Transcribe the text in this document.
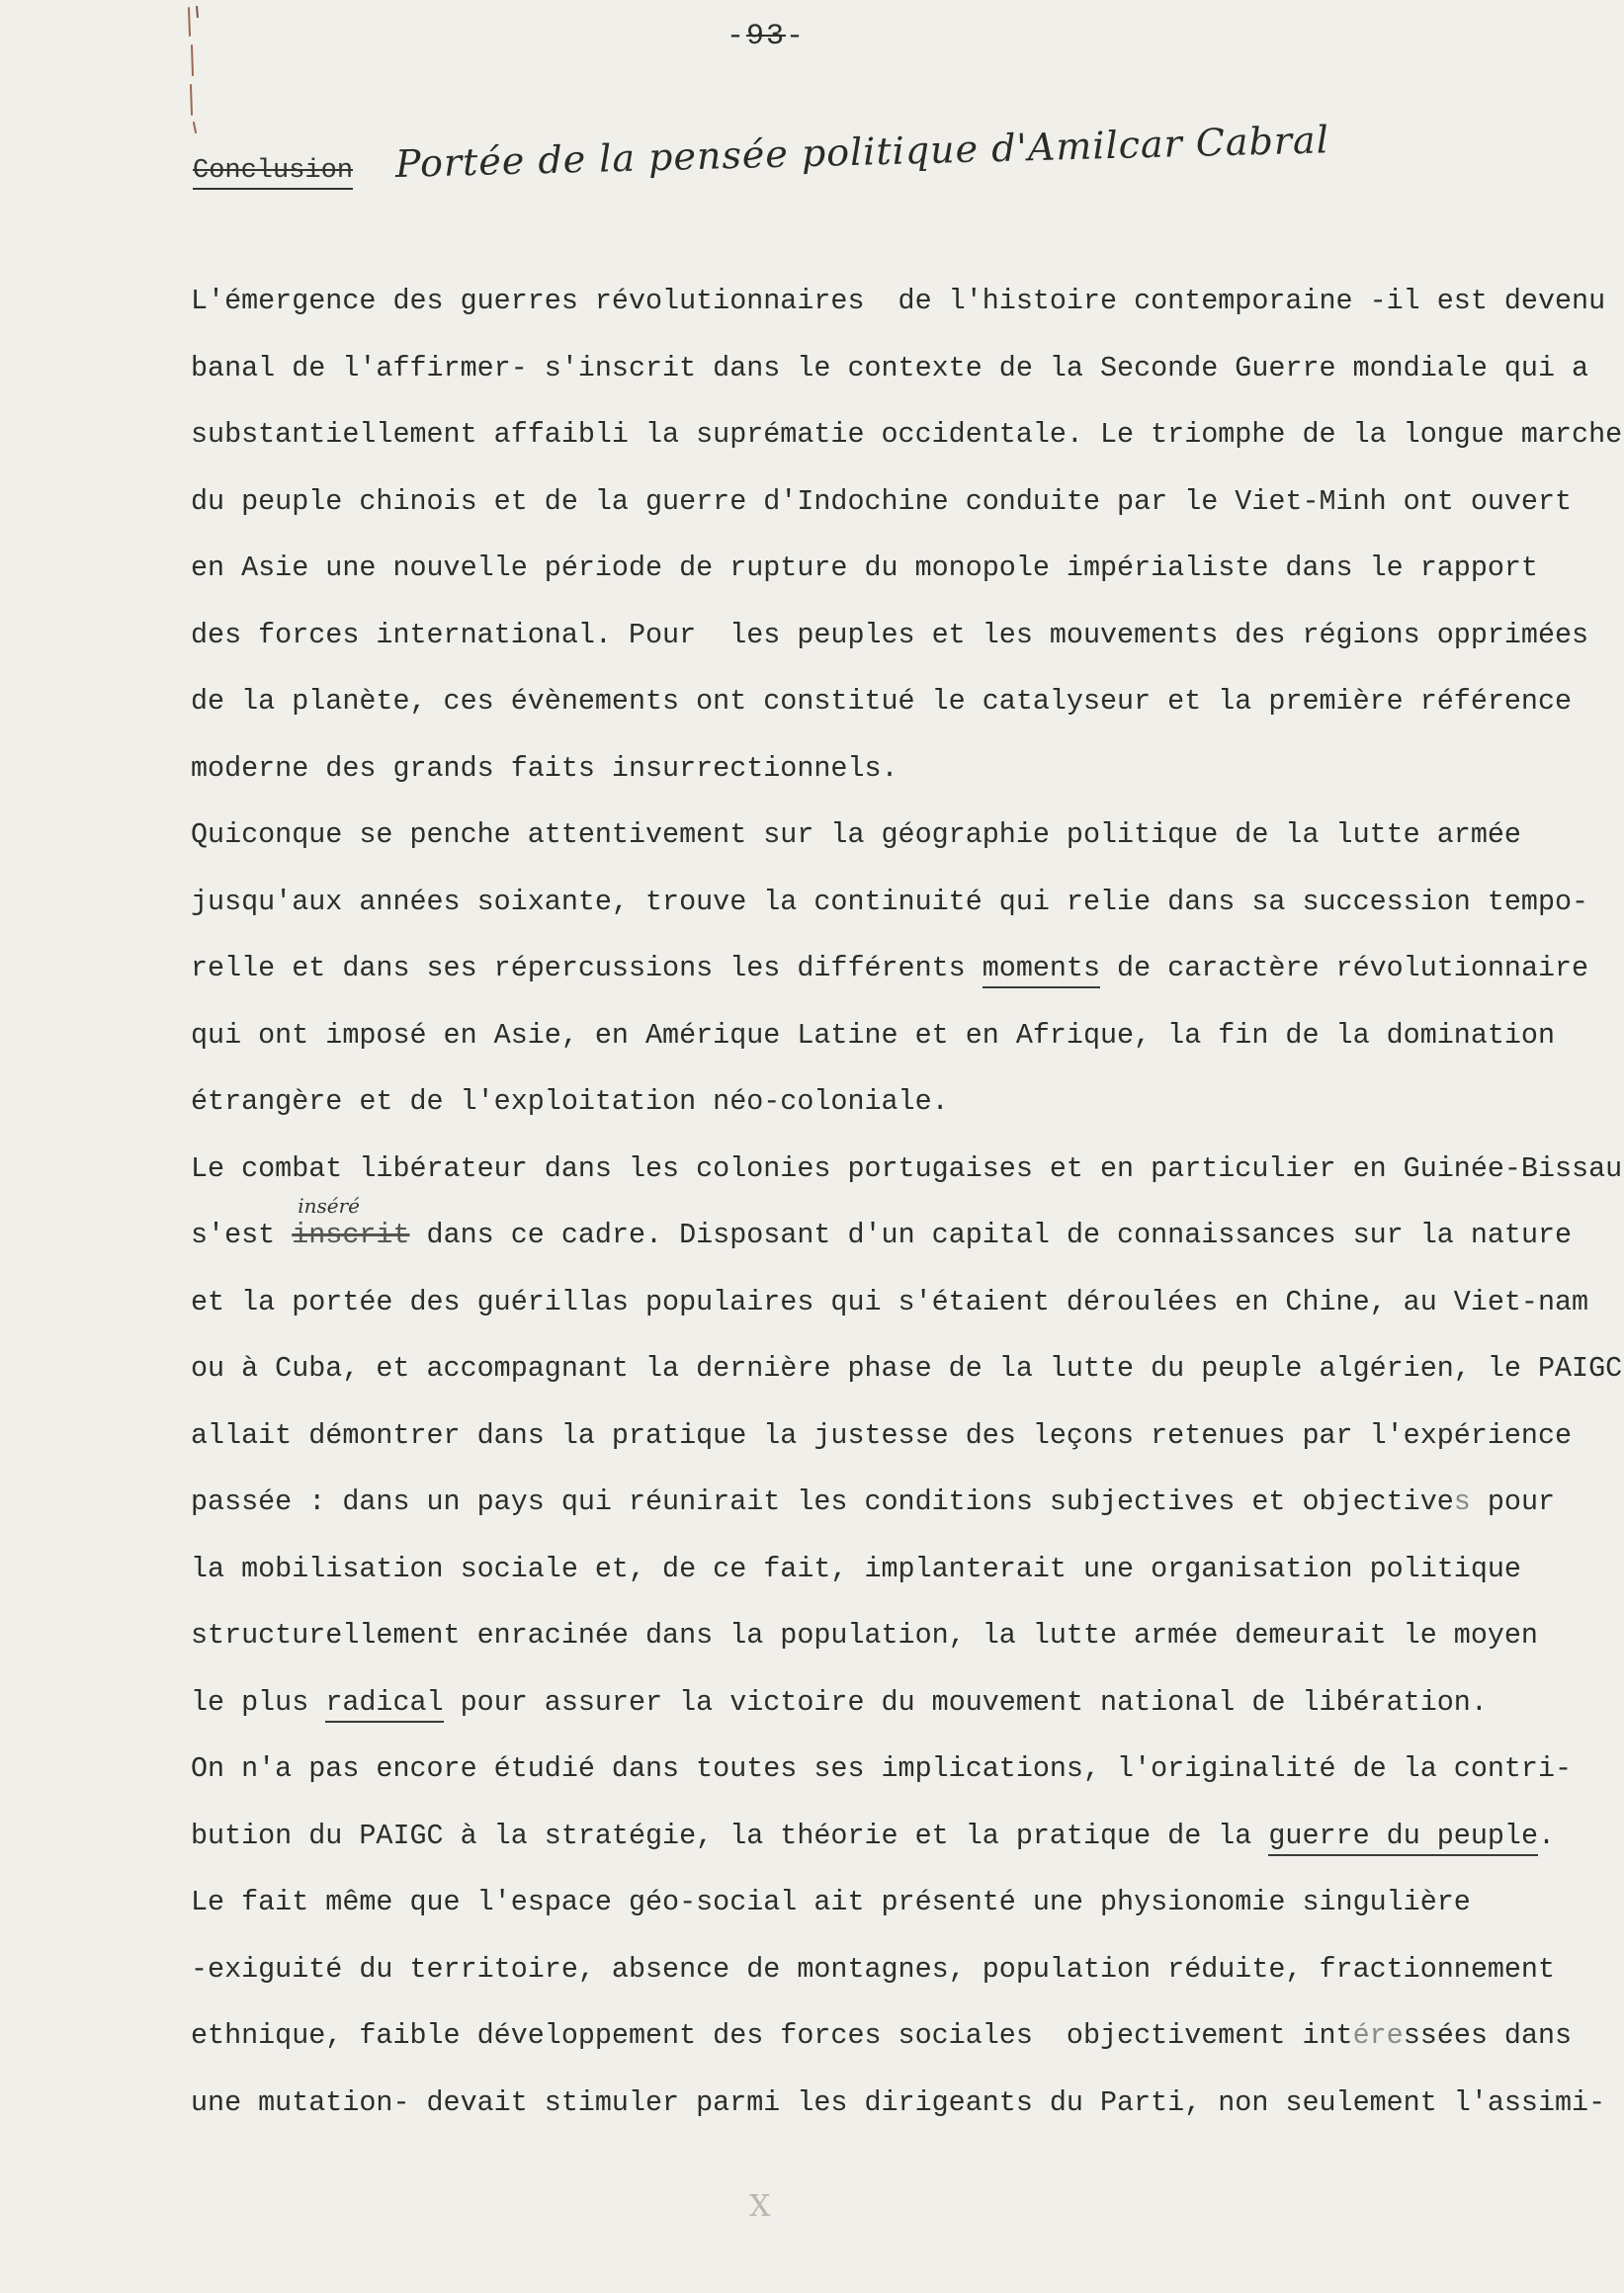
-93-
Conclusion Portée de la pensée politique d'Amilcar Cabral
L'émergence des guerres révolutionnaires  de l'histoire contemporaine -il est devenu
banal de l'affirmer- s'inscrit dans le contexte de la Seconde Guerre mondiale qui a
substantiellement affaibli la suprématie occidentale. Le triomphe de la longue marche
du peuple chinois et de la guerre d'Indochine conduite par le Viet-Minh ont ouvert
en Asie une nouvelle période de rupture du monopole impérialiste dans le rapport
des forces international. Pour  les peuples et les mouvements des régions opprimées
de la planète, ces évènements ont constitué le catalyseur et la première référence
moderne des grands faits insurrectionnels.
Quiconque se penche attentivement sur la géographie politique de la lutte armée
jusqu'aux années soixante, trouve la continuité qui relie dans sa succession tempo-
relle et dans ses répercussions les différents moments de caractère révolutionnaire
qui ont imposé en Asie, en Amérique Latine et en Afrique, la fin de la domination
étrangère et de l'exploitation néo-coloniale.
Le combat libérateur dans les colonies portugaises et en particulier en Guinée-Bissau
s'est inscrit
inséré
dans ce cadre. Disposant d'un capital de connaissances sur la nature
et la portée des guérillas populaires qui s'étaient déroulées en Chine, au Viet-nam
ou à Cuba, et accompagnant la dernière phase de la lutte du peuple algérien, le PAIGC
allait démontrer dans la pratique la justesse des leçons retenues par l'expérience
passée : dans un pays qui réunirait les conditions subjectives et objectives pour
la mobilisation sociale et, de ce fait, implanterait une organisation politique
structurellement enracinée dans la population, la lutte armée demeurait le moyen
le plus radical pour assurer la victoire du mouvement national de libération.
On n'a pas encore étudié dans toutes ses implications, l'originalité de la contri-
bution du PAIGC à la stratégie, la théorie et la pratique de la guerre du peuple.
Le fait même que l'espace géo-social ait présenté une physionomie singulière
-exiguité du territoire, absence de montagnes, population réduite, fractionnement
ethnique, faible développement des forces sociales  objectivement intéressées dans
une mutation- devait stimuler parmi les dirigeants du Parti, non seulement l'assimi-
X
